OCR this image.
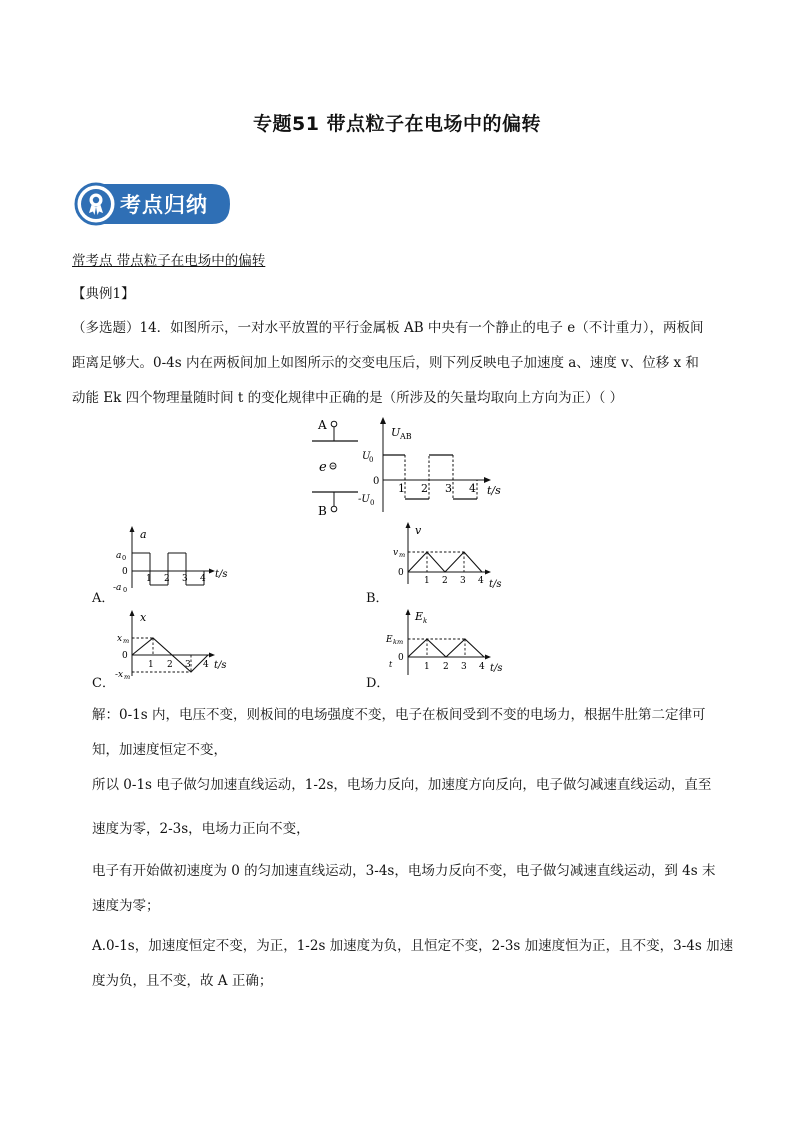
专题51 带点粒子在电场中的偏转
考点归纳
常考点 带点粒子在电场中的偏转
【典例1】
（多选题）14．如图所示，一对水平放置的平行金属板 AB 中央有一个静止的电子 e（不计重力），两板间
距离足够大。0-4s 内在两板间加上如图所示的交变电压后，则下列反映电子加速度 a、速度 v、位移 x 和
动能 Ek 四个物理量随时间 t 的变化规律中正确的是（所涉及的矢量均取向上方向为正）（ ）
A
B
e
U AB
U
0
0
-U 0
1 2 3 4 t/s
a
a 0
0
-a 0
1 2 3 4 t/s
A．
v
v m
0
1 2 3 4 t/s
B．
x
x m
0
-x m
1 2 3 4 t/s
C．
E k
E km
0
t	1 2 3 4 t/s
D．
解：0-1s 内，电压不变，则板间的电场强度不变，电子在板间受到不变的电场力，根据牛肚第二定律可
知，加速度恒定不变，
所以 0-1s 电子做匀加速直线运动，1-2s，电场力反向，加速度方向反向，电子做匀减速直线运动，直至
速度为零，2-3s，电场力正向不变，
电子有开始做初速度为 0 的匀加速直线运动，3-4s，电场力反向不变，电子做匀减速直线运动，到 4s 末
速度为零；
A.0-1s，加速度恒定不变，为正，1-2s 加速度为负，且恒定不变，2-3s 加速度恒为正，且不变，3-4s 加速
度为负，且不变，故 A 正确；
